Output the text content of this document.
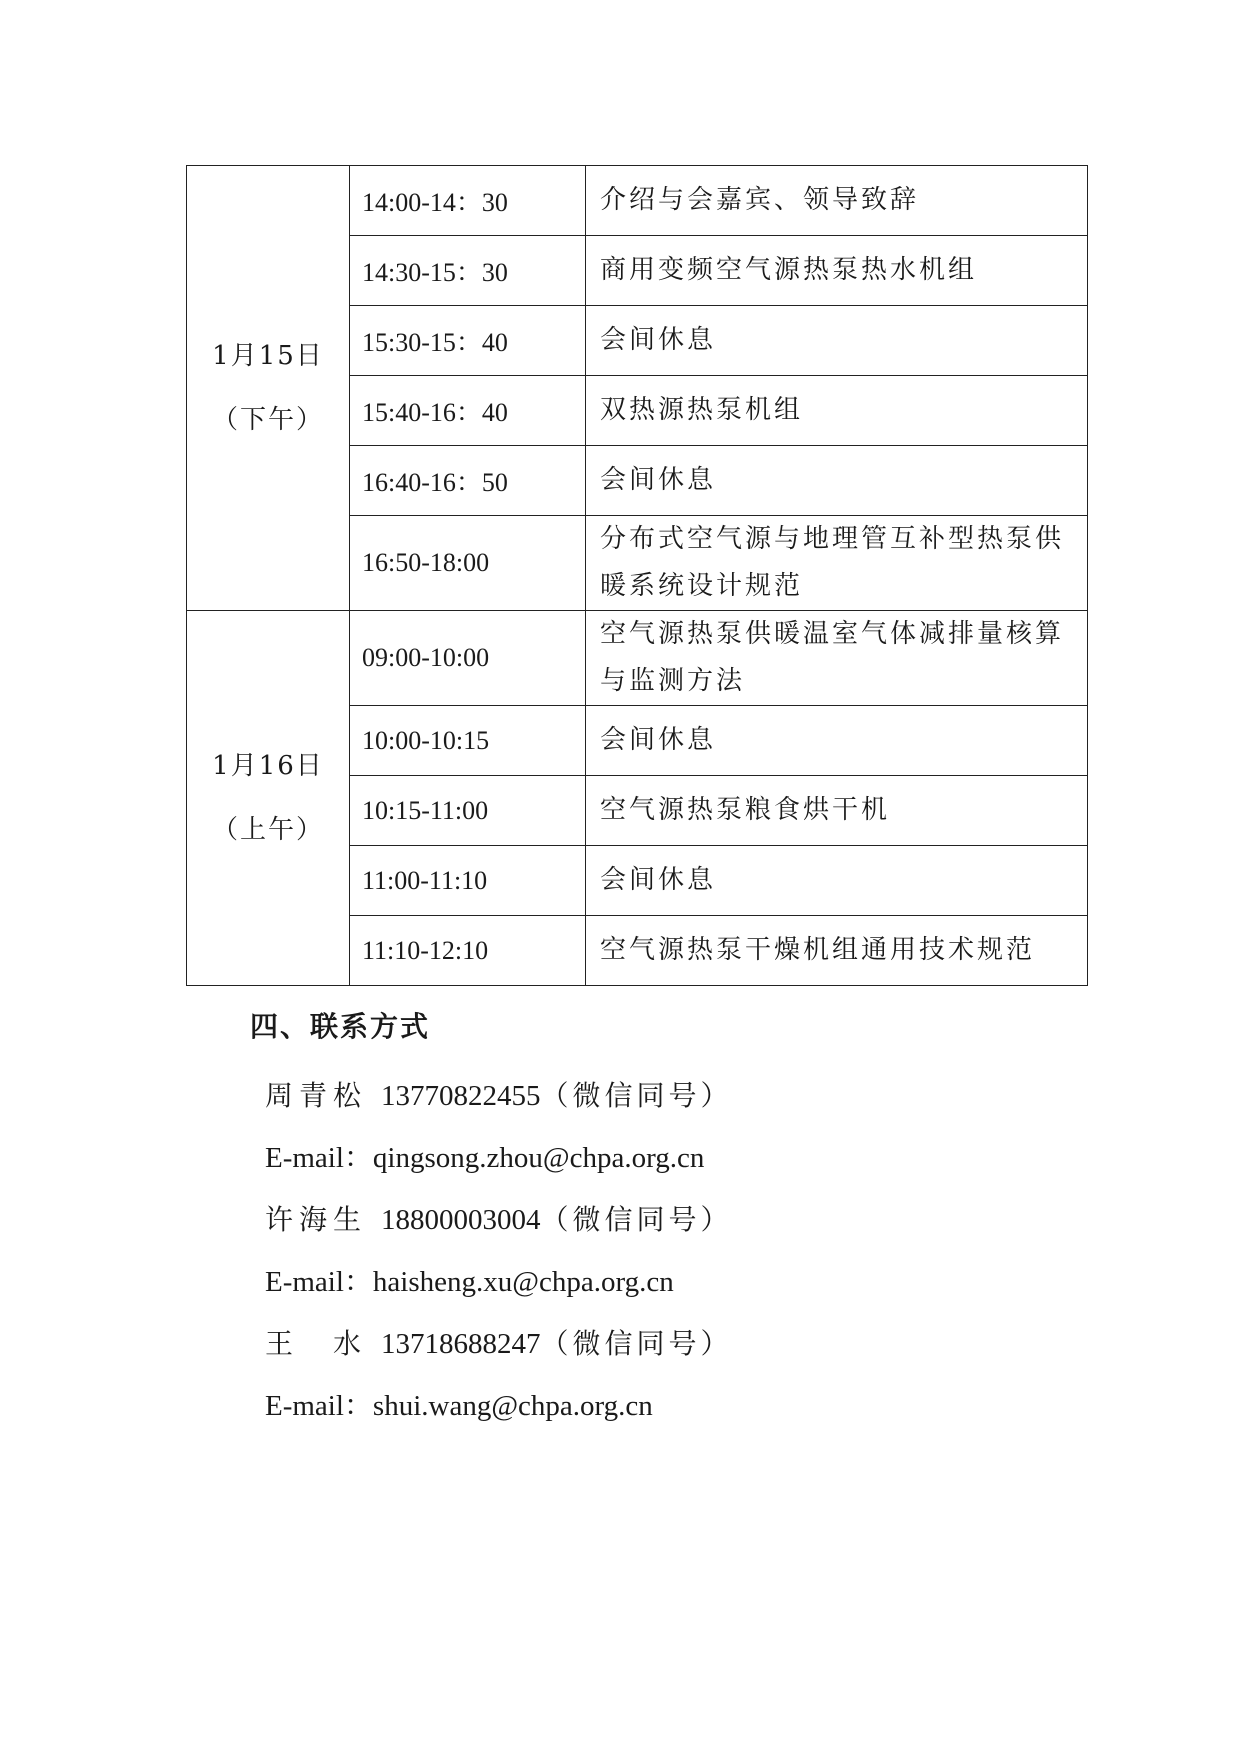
1月15日
（下午）	14:00-14：30	介绍与会嘉宾、领导致辞
	14:30-15：30	商用变频空气源热泵热水机组
	15:30-15：40	会间休息
	15:40-16：40	双热源热泵机组
	16:40-16：50	会间休息
	16:50-18:00	分布式空气源与地理管互补型热泵供暖系统设计规范

1月16日
（上午）	09:00-10:00	空气源热泵供暖温室气体减排量核算与监测方法
	10:00-10:15	会间休息
	10:15-11:00	空气源热泵粮食烘干机
	11:00-11:10	会间休息
	11:10-12:10	空气源热泵干燥机组通用技术规范
四、联系方式
周青松 13770822455（微信同号）
E-mail：qingsong.zhou@chpa.org.cn
许海生 18800003004（微信同号）
E-mail：haisheng.xu@chpa.org.cn
王　水 13718688247（微信同号）
E-mail：shui.wang@chpa.org.cn
